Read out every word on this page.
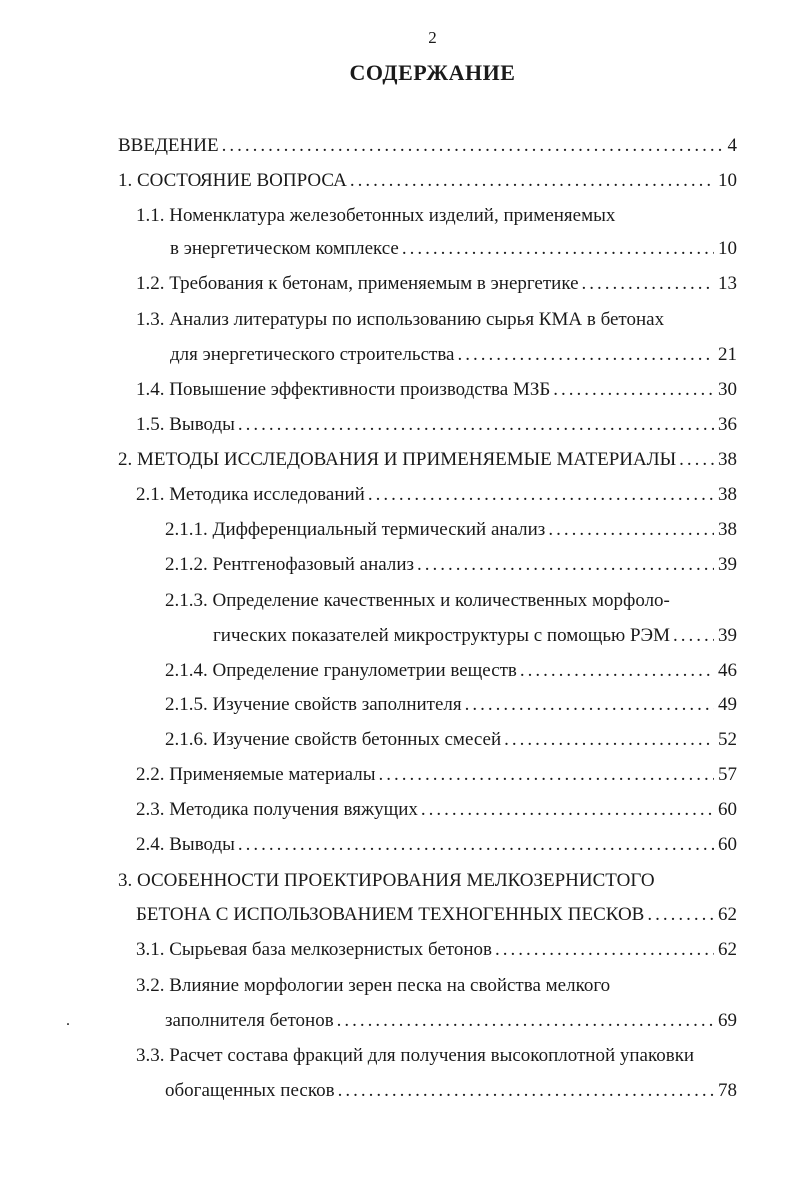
2
СОДЕРЖАНИЕ
ВВЕДЕНИЕ .....	4
1. СОСТОЯНИЕ ВОПРОСА .....	10
1.1. Номенклатура железобетонных изделий, применяемых
в энергетическом комплексе .....	10
1.2. Требования к бетонам, применяемым в энергетике .....	13
1.3. Анализ литературы по использованию сырья КМА в бетонах
для энергетического строительства .....	21
1.4. Повышение эффективности производства МЗБ .....	30
1.5. Выводы .....	36
2. МЕТОДЫ ИССЛЕДОВАНИЯ И ПРИМЕНЯЕМЫЕ МАТЕРИАЛЫ ..... 38
2.1. Методика исследований .....	38
2.1.1. Дифференциальный термический анализ .....	38
2.1.2. Рентгенофазовый анализ .....	39
2.1.3. Определение качественных и количественных морфоло-
гических показателей микроструктуры с помощью РЭМ .....	39
2.1.4. Определение гранулометрии веществ .....	46
2.1.5. Изучение свойств заполнителя .....	49
2.1.6. Изучение свойств бетонных смесей .....	52
2.2. Применяемые материалы .....	57
2.3. Методика получения вяжущих .....	60
2.4. Выводы .....	60
3. ОСОБЕННОСТИ ПРОЕКТИРОВАНИЯ МЕЛКОЗЕРНИСТОГО
БЕТОНА С ИСПОЛЬЗОВАНИЕМ ТЕХНОГЕННЫХ ПЕСКОВ .....	62
3.1. Сырьевая база мелкозернистых бетонов .....	62
3.2. Влияние морфологии зерен песка на свойства мелкого
заполнителя бетонов .....	69
3.3. Расчет состава фракций для получения высокоплотной упаковки
обогащенных песков .....	78
.
